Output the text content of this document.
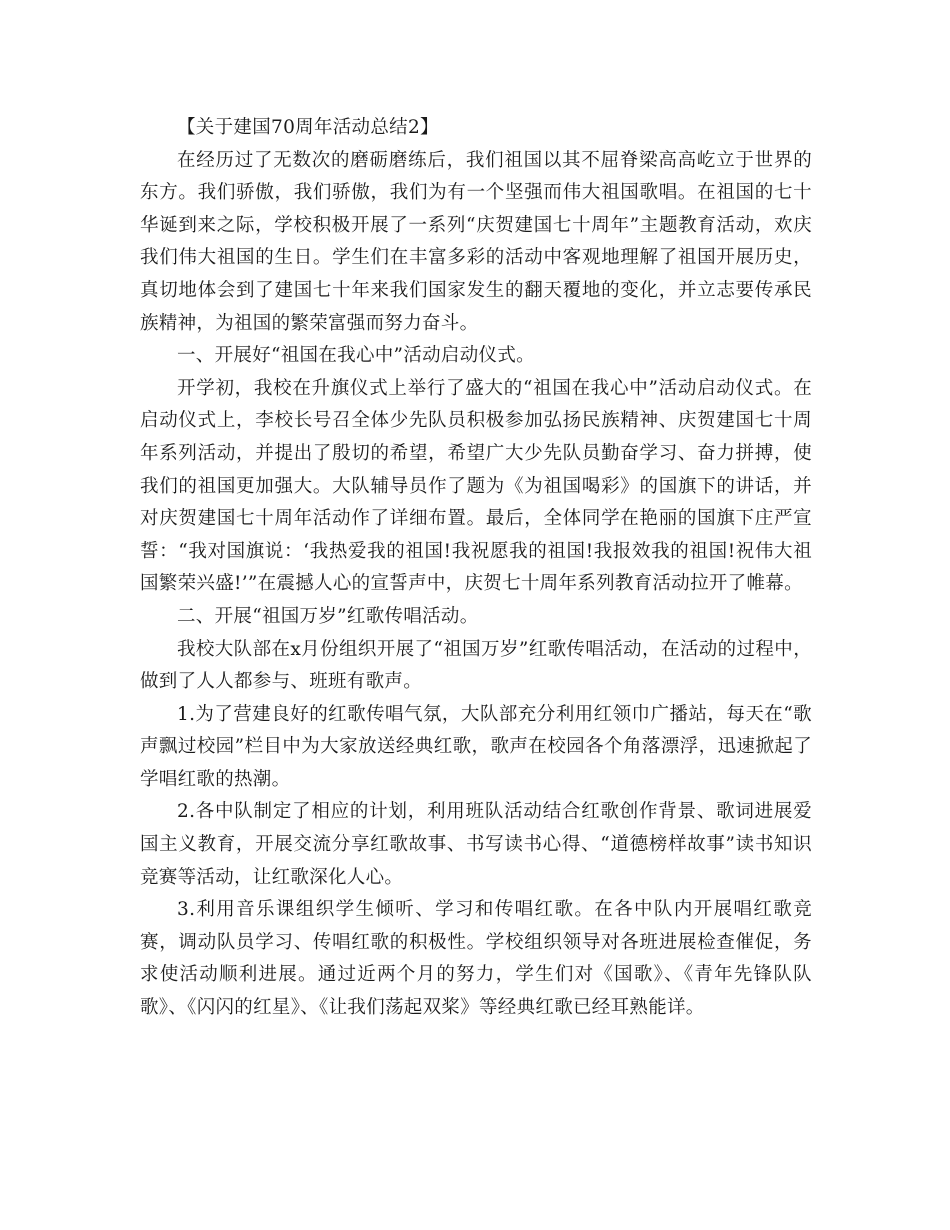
【关于建国70周年活动总结2】

在经历过了无数次的磨砺磨练后，我们祖国以其不屈脊梁高高屹立于世界的东方。我们骄傲，我们骄傲，我们为有一个坚强而伟大祖国歌唱。在祖国的七十华诞到来之际，学校积极开展了一系列“庆贺建国七十周年”主题教育活动，欢庆我们伟大祖国的生日。学生们在丰富多彩的活动中客观地理解了祖国开展历史，真切地体会到了建国七十年来我们国家发生的翻天覆地的变化，并立志要传承民族精神，为祖国的繁荣富强而努力奋斗。

一、开展好“祖国在我心中”活动启动仪式。

开学初，我校在升旗仪式上举行了盛大的“祖国在我心中”活动启动仪式。在启动仪式上，李校长号召全体少先队员积极参加弘扬民族精神、庆贺建国七十周年系列活动，并提出了殷切的希望，希望广大少先队员勤奋学习、奋力拼搏，使我们的祖国更加强大。大队辅导员作了题为《为祖国喝彩》的国旗下的讲话，并对庆贺建国七十周年活动作了详细布置。最后，全体同学在艳丽的国旗下庄严宣誓：“我对国旗说：‘我热爱我的祖国!我祝愿我的祖国!我报效我的祖国!祝伟大祖国繁荣兴盛!’”在震撼人心的宣誓声中，庆贺七十周年系列教育活动拉开了帷幕。

二、开展“祖国万岁”红歌传唱活动。

我校大队部在x月份组织开展了“祖国万岁”红歌传唱活动，在活动的过程中，做到了人人都参与、班班有歌声。

1.为了营建良好的红歌传唱气氛，大队部充分利用红领巾广播站，每天在“歌声飘过校园”栏目中为大家放送经典红歌，歌声在校园各个角落漂浮，迅速掀起了学唱红歌的热潮。

2.各中队制定了相应的计划，利用班队活动结合红歌创作背景、歌词进展爱国主义教育，开展交流分享红歌故事、书写读书心得、“道德榜样故事”读书知识竞赛等活动，让红歌深化人心。

3.利用音乐课组织学生倾听、学习和传唱红歌。在各中队内开展唱红歌竞赛，调动队员学习、传唱红歌的积极性。学校组织领导对各班进展检查催促，务求使活动顺利进展。通过近两个月的努力，学生们对《国歌》、《青年先锋队队歌》、《闪闪的红星》、《让我们荡起双桨》等经典红歌已经耳熟能详。
